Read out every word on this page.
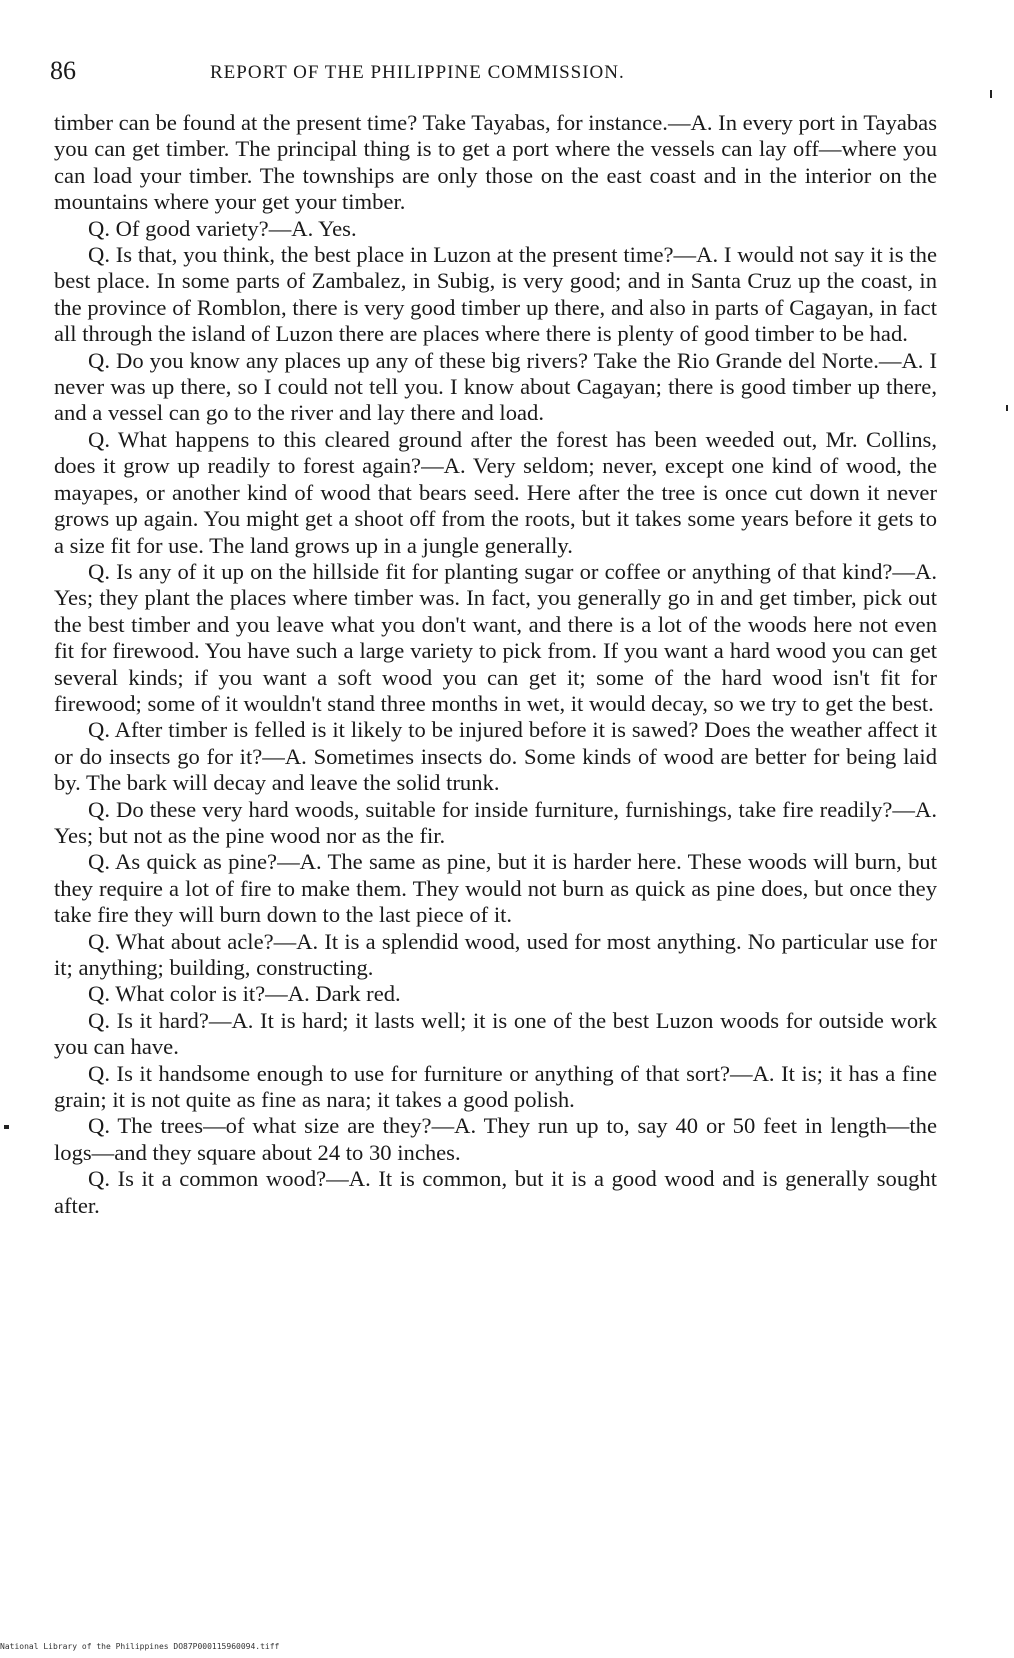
86	REPORT OF THE PHILIPPINE COMMISSION.

timber can be found at the present time? Take Tayabas, for instance.—A. In every port in Tayabas you can get timber. The principal thing is to get a port where the vessels can lay off—where you can load your timber. The townships are only those on the east coast and in the interior on the mountains where your get your timber.

Q. Of good variety?—A. Yes.

Q. Is that, you think, the best place in Luzon at the present time?—A. I would not say it is the best place. In some parts of Zambalez, in Subig, is very good; and in Santa Cruz up the coast, in the province of Romblon, there is very good timber up there, and also in parts of Cagayan, in fact all through the island of Luzon there are places where there is plenty of good timber to be had.

Q. Do you know any places up any of these big rivers? Take the Rio Grande del Norte.—A. I never was up there, so I could not tell you. I know about Cagayan; there is good timber up there, and a vessel can go to the river and lay there and load.

Q. What happens to this cleared ground after the forest has been weeded out, Mr. Collins, does it grow up readily to forest again?—A. Very seldom; never, except one kind of wood, the mayapes, or another kind of wood that bears seed. Here after the tree is once cut down it never grows up again. You might get a shoot off from the roots, but it takes some years before it gets to a size fit for use. The land grows up in a jungle generally.

Q. Is any of it up on the hillside fit for planting sugar or coffee or anything of that kind?—A. Yes; they plant the places where timber was. In fact, you generally go in and get timber, pick out the best timber and you leave what you don't want, and there is a lot of the woods here not even fit for firewood. You have such a large variety to pick from. If you want a hard wood you can get several kinds; if you want a soft wood you can get it; some of the hard wood isn't fit for firewood; some of it wouldn't stand three months in wet, it would decay, so we try to get the best.

Q. After timber is felled is it likely to be injured before it is sawed? Does the weather affect it or do insects go for it?—A. Sometimes insects do. Some kinds of wood are better for being laid by. The bark will decay and leave the solid trunk.

Q. Do these very hard woods, suitable for inside furniture, furnishings, take fire readily?—A. Yes; but not as the pine wood nor as the fir.

Q. As quick as pine?—A. The same as pine, but it is harder here. These woods will burn, but they require a lot of fire to make them. They would not burn as quick as pine does, but once they take fire they will burn down to the last piece of it.

Q. What about acle?—A. It is a splendid wood, used for most anything. No particular use for it; anything; building, constructing.

Q. What color is it?—A. Dark red.

Q. Is it hard?—A. It is hard; it lasts well; it is one of the best Luzon woods for outside work you can have.

Q. Is it handsome enough to use for furniture or anything of that sort?—A. It is; it has a fine grain; it is not quite as fine as nara; it takes a good polish.

Q. The trees—of what size are they?—A. They run up to, say 40 or 50 feet in length—the logs—and they square about 24 to 30 inches.

Q. Is it a common wood?—A. It is common, but it is a good wood and is generally sought after.

National Library of the Philippines DO87P000115960094.tiff
